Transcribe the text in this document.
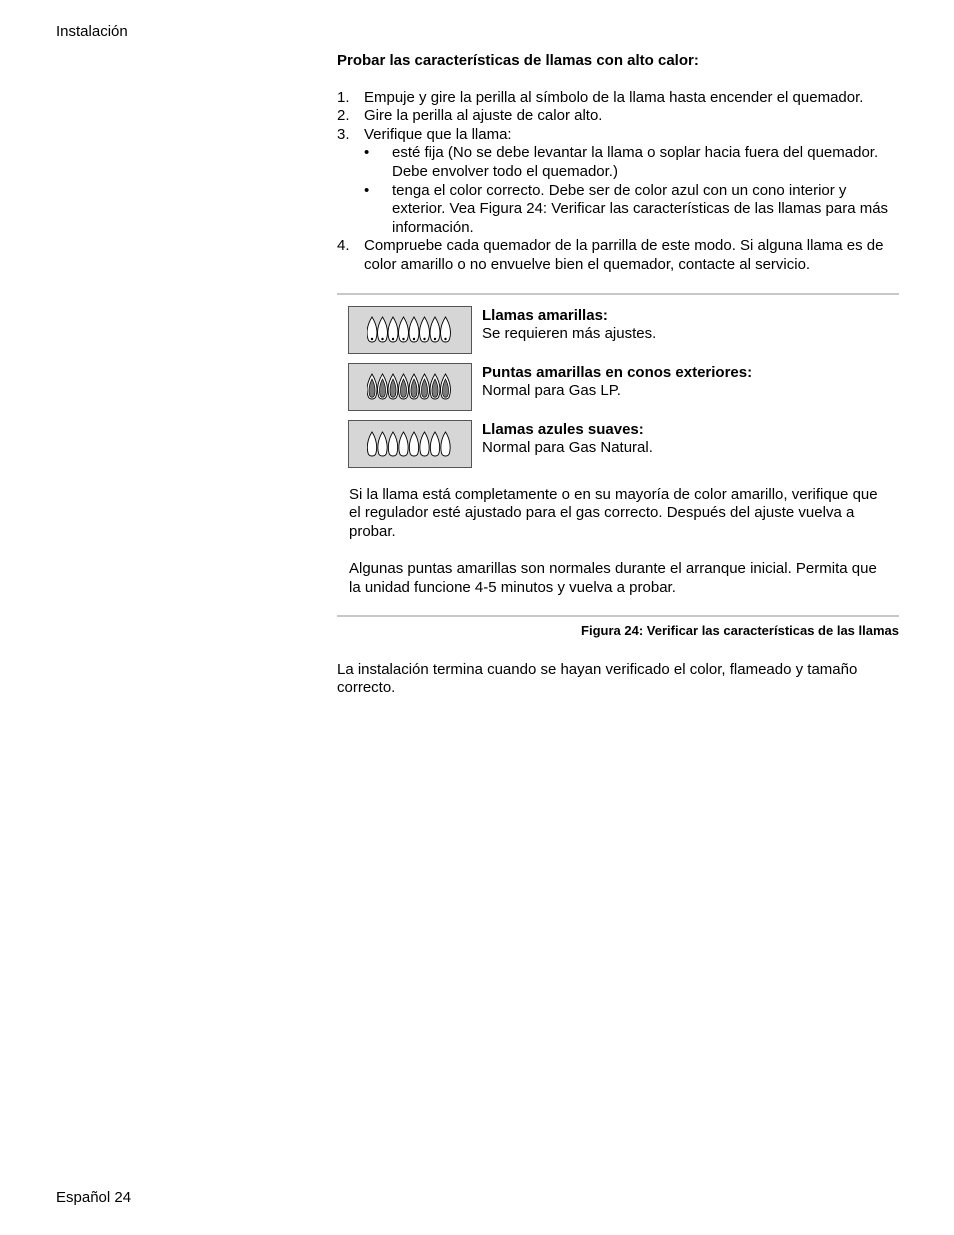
Instalación
Probar las características de llamas con alto calor:
1. Empuje y gire la perilla al símbolo de la llama hasta encender el quemador.
2. Gire la perilla al ajuste de calor alto.
3. Verifique que la llama:
• esté fija (No se debe levantar la llama o soplar hacia fuera del quemador. Debe envolver todo el quemador.)
• tenga el color correcto. Debe ser de color azul con un cono interior y exterior. Vea Figura 24: Verificar las características de las llamas para más información.
4. Compruebe cada quemador de la parrilla de este modo. Si alguna llama es de color amarillo o no envuelve bien el quemador, contacte al servicio.
Llamas amarillas:
Se requieren más ajustes.
Puntas amarillas en conos exteriores:
Normal para Gas LP.
Llamas azules suaves:
Normal para Gas Natural.

Si la llama está completamente o en su mayoría de color amarillo, verifique que el regulador esté ajustado para el gas correcto. Después del ajuste vuelva a probar.

Algunas puntas amarillas son normales durante el arranque inicial. Permita que la unidad funcione 4-5 minutos y vuelva a probar.

Figura 24: Verificar las características de las llamas
La instalación termina cuando se hayan verificado el color, flameado y tamaño correcto.
Español 24
